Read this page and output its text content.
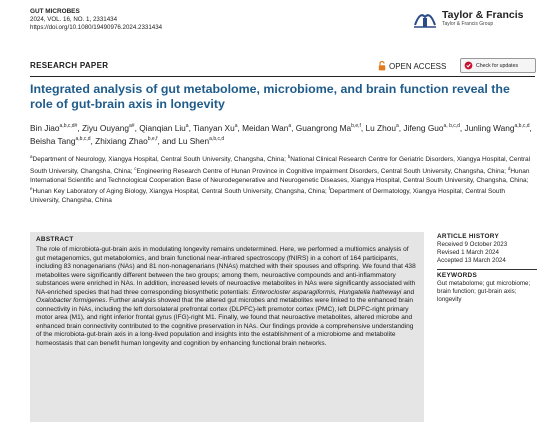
GUT MICROBES
2024, VOL. 16, NO. 1, 2331434
https://doi.org/10.1080/19490976.2024.2331434
Taylor & Francis
Taylor & Francis Group
RESEARCH PAPER	OPEN ACCESS	Check for updates
Integrated analysis of gut metabolome, microbiome, and brain function reveal the role of gut-brain axis in longevity
Bin Jiao$^{a,b,c,d\#}$, Ziyu Ouyang$^{a\#}$, Qianqian Liu$^a$, Tianyan Xu$^a$, Meidan Wan$^a$, Guangrong Ma$^{b,e,f}$, Lu Zhou$^a$, Jifeng Guo$^{a, b,c,d}$, Junling Wang$^{a,b,c,d}$, Beisha Tang$^{a,b,c,d}$, Zhixiang Zhao$^{b,e,f}$, and Lu Shen$^{a,b,c,d}$
$^a$Department of Neurology, Xiangya Hospital, Central South University, Changsha, China; $^b$National Clinical Research Centre for Geriatric Disorders, Xiangya Hospital, Central South University, Changsha, China; $^c$Engineering Research Centre of Hunan Province in Cognitive Impairment Disorders, Central South University, Changsha, China; $^d$Hunan International Scientific and Technological Cooperation Base of Neurodegenerative and Neurogenetic Diseases, Xiangya Hospital, Central South University, Changsha, China; $^e$Hunan Key Laboratory of Aging Biology, Xiangya Hospital, Central South University, Changsha, China; $^f$Department of Dermatology, Xiangya Hospital, Central South University, Changsha, China
ABSTRACT
The role of microbiota-gut-brain axis in modulating longevity remains undetermined. Here, we performed a multiomics analysis of gut metagenomics, gut metabolomics, and brain functional near-infrared spectroscopy (fNIRS) in a cohort of 164 participants, including 83 nonagenarians (NAs) and 81 non-nonagenarians (NNAs) matched with their spouses and offspring. We found that 438 metabolites were significantly different between the two groups; among them, neuroactive compounds and anti-inflammatory substances were enriched in NAs. In addition, increased levels of neuroactive metabolites in NAs were significantly associated with NA-enriched species that had three corresponding biosynthetic potentials: Enterocloster asparagiformis, Hungatella hathewayi and Oxalobacter formigenes. Further analysis showed that the altered gut microbes and metabolites were linked to the enhanced brain connectivity in NAs, including the left dorsolateral prefrontal cortex (DLPFC)-left premotor cortex (PMC), left DLPFC-right primary motor area (M1), and right inferior frontal gyrus (IFG)-right M1. Finally, we found that neuroactive metabolites, altered microbe and enhanced brain connectivity contributed to the cognitive preservation in NAs. Our findings provide a comprehensive understanding of the microbiota-gut-brain axis in a long-lived population and insights into the establishment of a microbiome and metabolite homeostasis that can benefit human longevity and cognition by enhancing functional brain networks.
ARTICLE HISTORY
Received 9 October 2023
Revised 1 March 2024
Accepted 13 March 2024
KEYWORDS
Gut metabolome; gut microbiome; brain function; gut-brain axis; longevity
